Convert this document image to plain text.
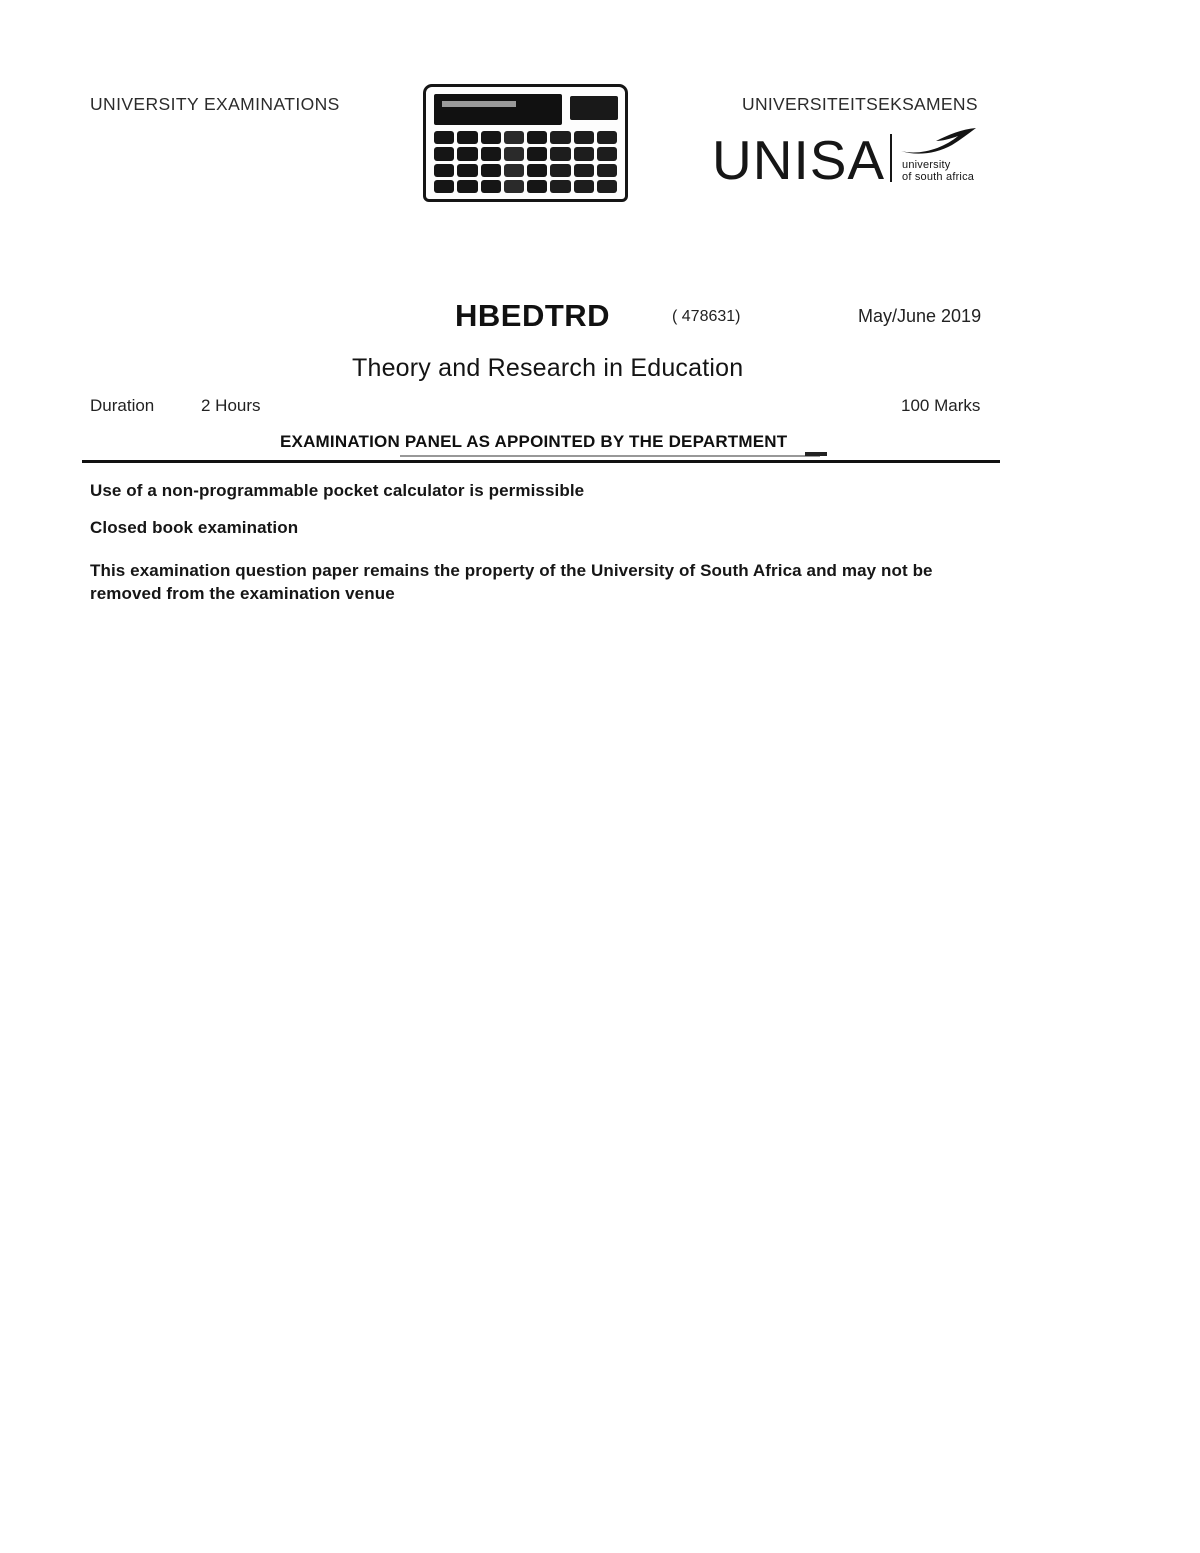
UNIVERSITY EXAMINATIONS	UNIVERSITEITSEKSAMENS
UNISA university
of south africa
HBEDTRD	( 478631)	May/June 2019
Theory and Research in Education
Duration	2 Hours	100 Marks
EXAMINATION PANEL AS APPOINTED BY THE DEPARTMENT
Use of a non-programmable pocket calculator is permissible
Closed book examination
This examination question paper remains the property of the University of South Africa and may not be removed from the examination venue
